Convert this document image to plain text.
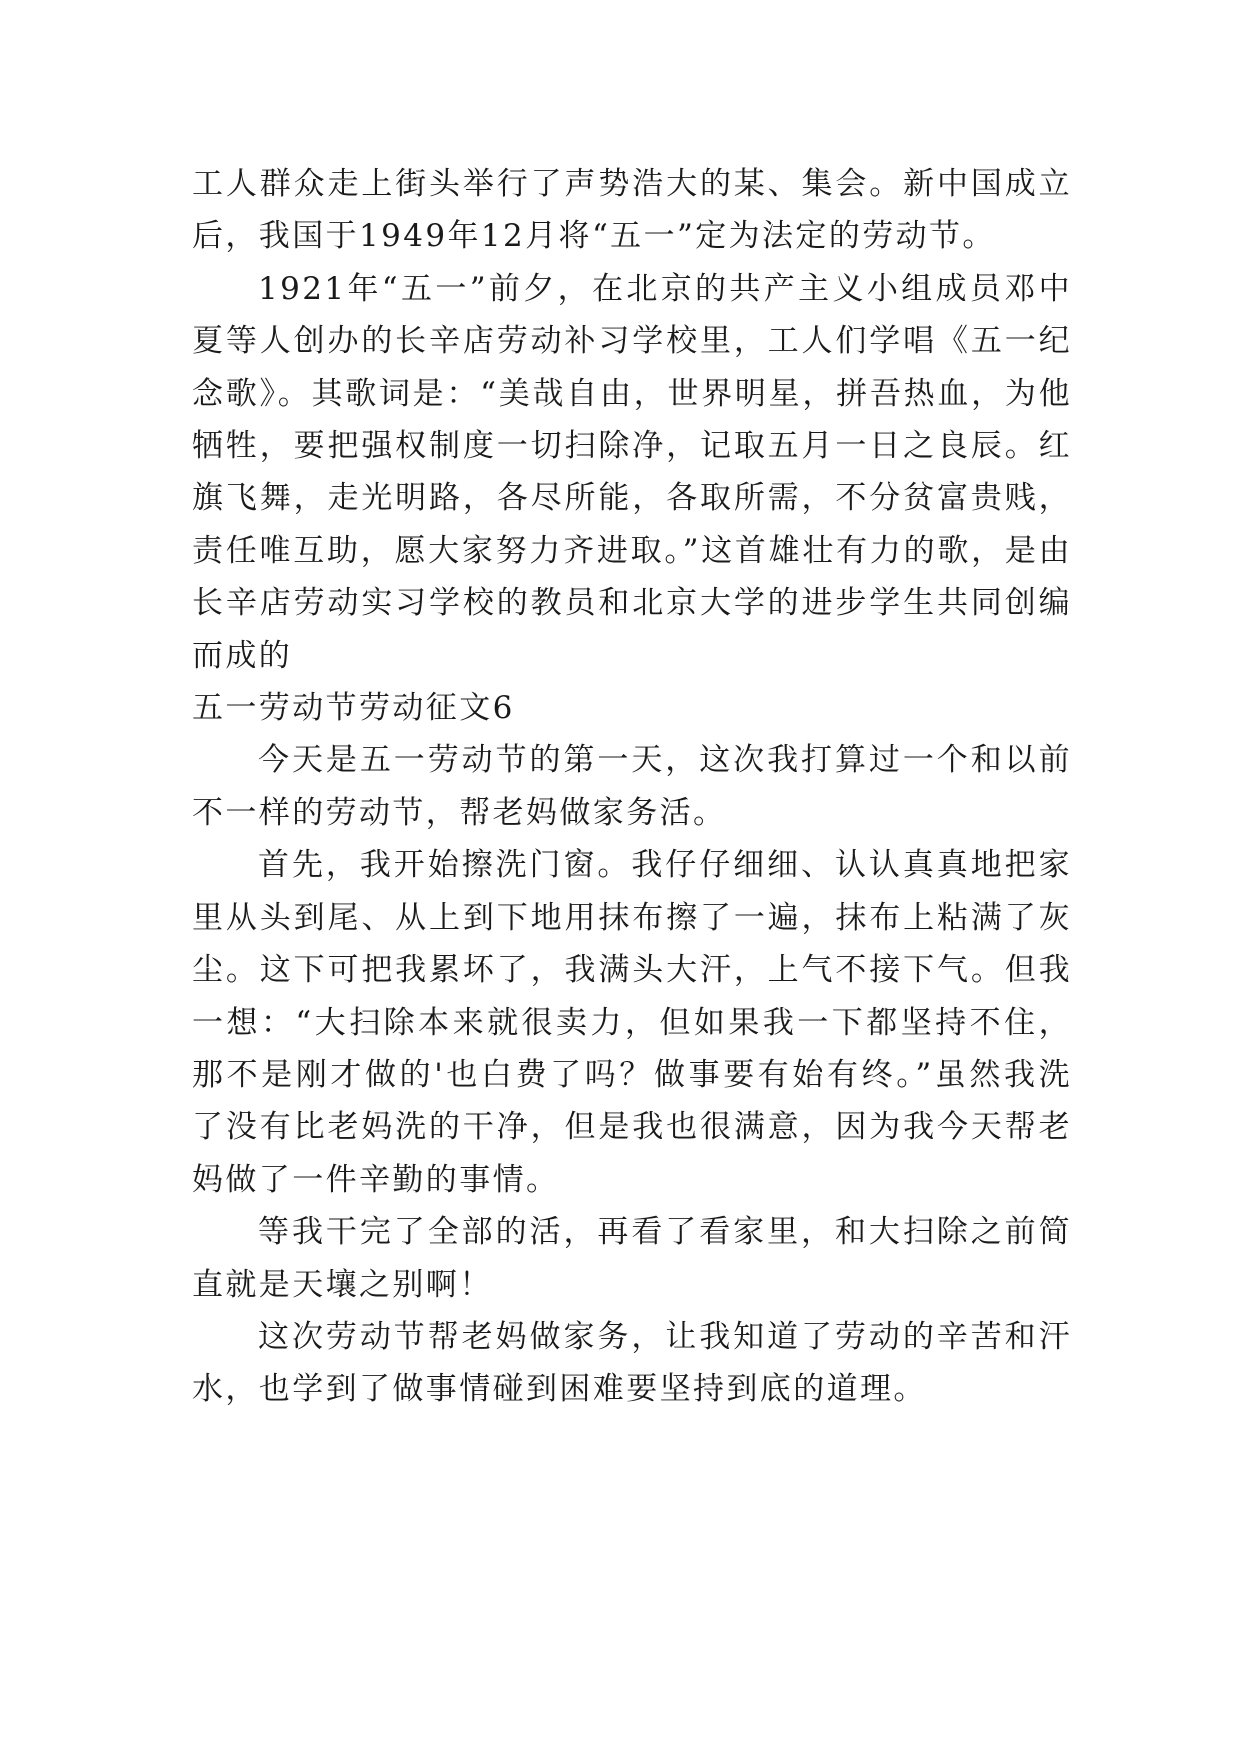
工人群众走上街头举行了声势浩大的某、集会。新中国成立后，我国于1949年12月将“五一”定为法定的劳动节。

1921年“五一”前夕，在北京的共产主义小组成员邓中夏等人创办的长辛店劳动补习学校里，工人们学唱《五一纪念歌》。其歌词是：“美哉自由，世界明星，拼吾热血，为他牺牲，要把强权制度一切扫除净，记取五月一日之良辰。红旗飞舞，走光明路，各尽所能，各取所需，不分贫富贵贱，责任唯互助，愿大家努力齐进取。”这首雄壮有力的歌，是由长辛店劳动实习学校的教员和北京大学的进步学生共同创编而成的

五一劳动节劳动征文6

今天是五一劳动节的第一天，这次我打算过一个和以前不一样的劳动节，帮老妈做家务活。

首先，我开始擦洗门窗。我仔仔细细、认认真真地把家里从头到尾、从上到下地用抹布擦了一遍，抹布上粘满了灰尘。这下可把我累坏了，我满头大汗，上气不接下气。但我一想：“大扫除本来就很卖力，但如果我一下都坚持不住，那不是刚才做的'也白费了吗？做事要有始有终。”虽然我洗了没有比老妈洗的干净，但是我也很满意，因为我今天帮老妈做了一件辛勤的事情。

等我干完了全部的活，再看了看家里，和大扫除之前简直就是天壤之别啊！

这次劳动节帮老妈做家务，让我知道了劳动的辛苦和汗水，也学到了做事情碰到困难要坚持到底的道理。
